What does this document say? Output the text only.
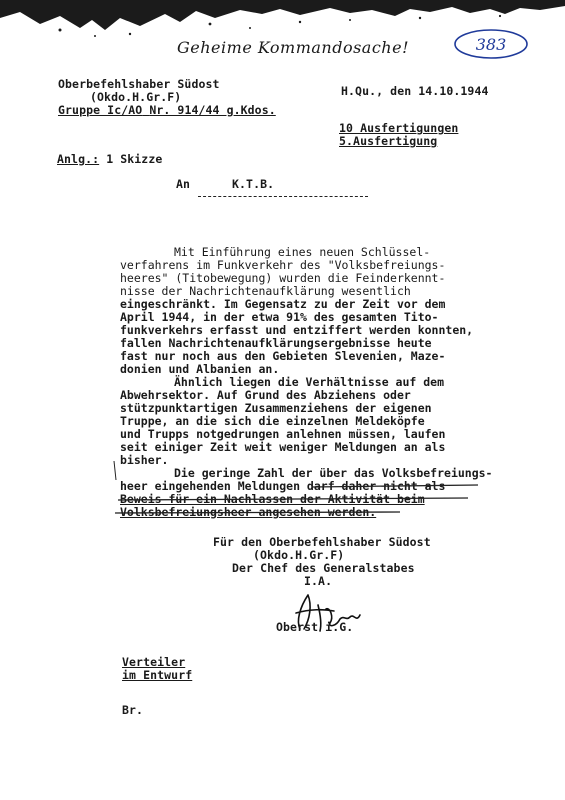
Geheime Kommandosache!	383
Oberbefehlshaber Südost
(Okdo.H.Gr.F)
Gruppe Ic/AO Nr. 914/44 g.Kdos.
H.Qu., den 14.10.1944
10 Ausfertigungen
5.Ausfertigung
Anlg.: 1 Skizze
An	K.T.B.
Mit Einführung eines neuen Schlüssel-
verfahrens im Funkverkehr des "Volksbefreiungs-
heeres" (Titobewegung) wurden die Feinderkennt-
nisse der Nachrichtenaufklärung wesentlich
eingeschränkt. Im Gegensatz zu der Zeit vor dem
April 1944, in der etwa 91% des gesamten Tito-
funkverkehrs erfasst und entziffert werden konnten,
fallen Nachrichtenaufklärungsergebnisse heute
fast nur noch aus den Gebieten Slevenien, Maze-
donien und Albanien an.
Ähnlich liegen die Verhältnisse auf dem
Abwehrsektor. Auf Grund des Abziehens oder
stützpunktartigen Zusammenziehens der eigenen
Truppe, an die sich die einzelnen Meldeköpfe
und Trupps notgedrungen anlehnen müssen, laufen
seit einiger Zeit weit weniger Meldungen an als
bisher.
Die geringe Zahl der über das Volksbefreiungs-
heer eingehenden Meldungen darf daher nicht als
Beweis für ein Nachlassen der Aktivität beim
Volksbefreiungsheer angesehen werden.
Für den Oberbefehlshaber Südost
(Okdo.H.Gr.F)
Der Chef des Generalstabes
I.A.
Oberst i.G.
Verteiler
im Entwurf
Br.
